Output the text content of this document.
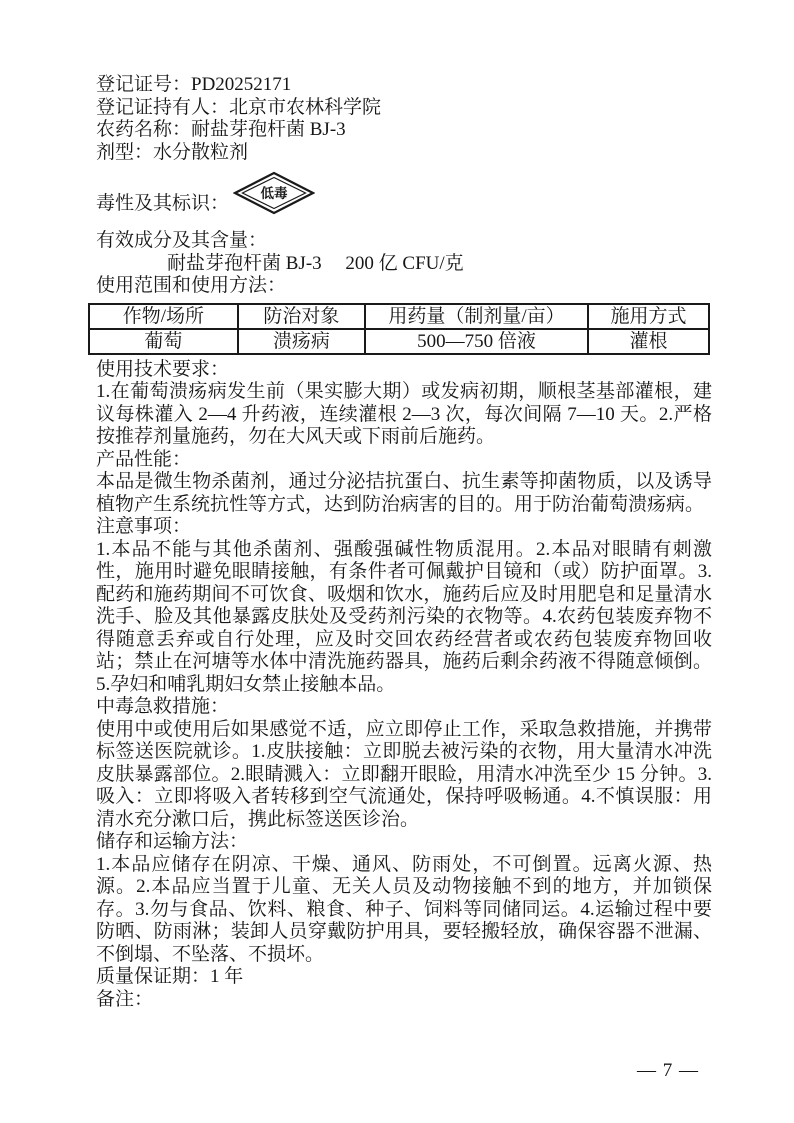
登记证号：PD20252171
登记证持有人：北京市农林科学院
农药名称：耐盐芽孢杆菌 BJ-3
剂型：水分散粒剂
毒性及其标识： 低毒
有效成分及其含量：
耐盐芽孢杆菌 BJ-3　 200 亿 CFU/克
使用范围和使用方法：
作物/场所	防治对象	用药量（制剂量/亩）	施用方式
葡萄	溃疡病	500—750 倍液	灌根
使用技术要求：
1.在葡萄溃疡病发生前（果实膨大期）或发病初期，顺根茎基部灌根，建议每株灌入 2—4 升药液，连续灌根 2—3 次，每次间隔 7—10 天。2.严格按推荐剂量施药，勿在大风天或下雨前后施药。
产品性能：
本品是微生物杀菌剂，通过分泌拮抗蛋白、抗生素等抑菌物质，以及诱导植物产生系统抗性等方式，达到防治病害的目的。用于防治葡萄溃疡病。
注意事项：
1.本品不能与其他杀菌剂、强酸强碱性物质混用。2.本品对眼睛有刺激性，施用时避免眼睛接触，有条件者可佩戴护目镜和（或）防护面罩。3.配药和施药期间不可饮食、吸烟和饮水，施药后应及时用肥皂和足量清水洗手、脸及其他暴露皮肤处及受药剂污染的衣物等。4.农药包装废弃物不得随意丢弃或自行处理，应及时交回农药经营者或农药包装废弃物回收站；禁止在河塘等水体中清洗施药器具，施药后剩余药液不得随意倾倒。5.孕妇和哺乳期妇女禁止接触本品。
中毒急救措施：
使用中或使用后如果感觉不适，应立即停止工作，采取急救措施，并携带标签送医院就诊。1.皮肤接触：立即脱去被污染的衣物，用大量清水冲洗皮肤暴露部位。2.眼睛溅入：立即翻开眼睑，用清水冲洗至少 15 分钟。3.吸入：立即将吸入者转移到空气流通处，保持呼吸畅通。4.不慎误服：用清水充分漱口后，携此标签送医诊治。
储存和运输方法：
1.本品应储存在阴凉、干燥、通风、防雨处，不可倒置。远离火源、热源。2.本品应当置于儿童、无关人员及动物接触不到的地方，并加锁保存。3.勿与食品、饮料、粮食、种子、饲料等同储同运。4.运输过程中要防晒、防雨淋；装卸人员穿戴防护用具，要轻搬轻放，确保容器不泄漏、不倒塌、不坠落、不损坏。
质量保证期：1 年
备注：
— 7 —
